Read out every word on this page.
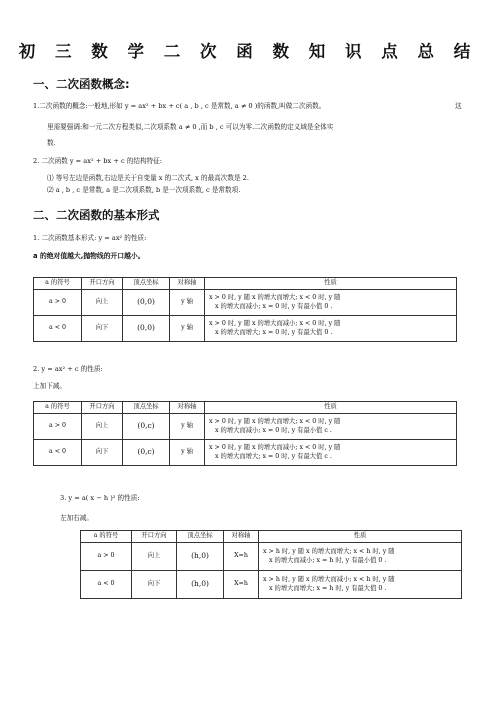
初 三 数 学 二 次 函 数 知 识 点 总 结
一、二次函数概念:
1.二次函数的概念:一般地,形如 y = ax² + bx + c( a , b , c 是常数, a ≠ 0 )的函数,叫做二次函数。	这
里需要强调:和一元二次方程类似,二次项系数 a ≠ 0 ,而 b , c 可以为零.二次函数的定义域是全体实
数.
2. 二次函数 y = ax² + bx + c 的结构特征:
⑴ 等号左边是函数,右边是关于自变量 x 的二次式, x 的最高次数是 2.
⑵ a , b , c 是常数, a 是二次项系数, b 是一次项系数, c 是常数项.
二、二次函数的基本形式
1. 二次函数基本形式: y = ax² 的性质:
a 的绝对值越大,抛物线的开口越小。
a 的符号	开口方向	顶点坐标	对称轴	性质
a > 0	向上	(0,0)	y 轴	x > 0 时, y 随 x 的增大而增大; x < 0 时, y 随
x 的增大而减小; x = 0 时, y 有最小值 0 .

a < 0	向下	(0,0)	y 轴	x > 0 时, y 随 x 的增大而减小; x < 0 时, y 随
x 的增大而增大; x = 0 时, y 有最大值 0 .
2. y = ax² + c 的性质:
上加下减。
a 的符号	开口方向	顶点坐标	对称轴	性质
a > 0	向上	(0,c)	y 轴	x > 0 时, y 随 x 的增大而增大; x < 0 时, y 随
x 的增大而减小; x = 0 时, y 有最小值 c .

a < 0	向下	(0,c)	y 轴	x > 0 时, y 随 x 的增大而减小; x < 0 时, y 随
x 的增大而增大; x = 0 时, y 有最大值 c .
3. y = a( x − h )² 的性质:
左加右减。
a 的符号	开口方向	顶点坐标	对称轴	性质
a > 0	向上	(h,0)	X=h	x > h 时, y 随 x 的增大而增大; x < h 时, y 随
x 的增大而减小; x = h 时, y 有最小值 0 .

a < 0	向下	(h,0)	X=h	x > h 时, y 随 x 的增大而减小; x < h 时, y 随
x 的增大而增大; x = h 时, y 有最大值 0 .
